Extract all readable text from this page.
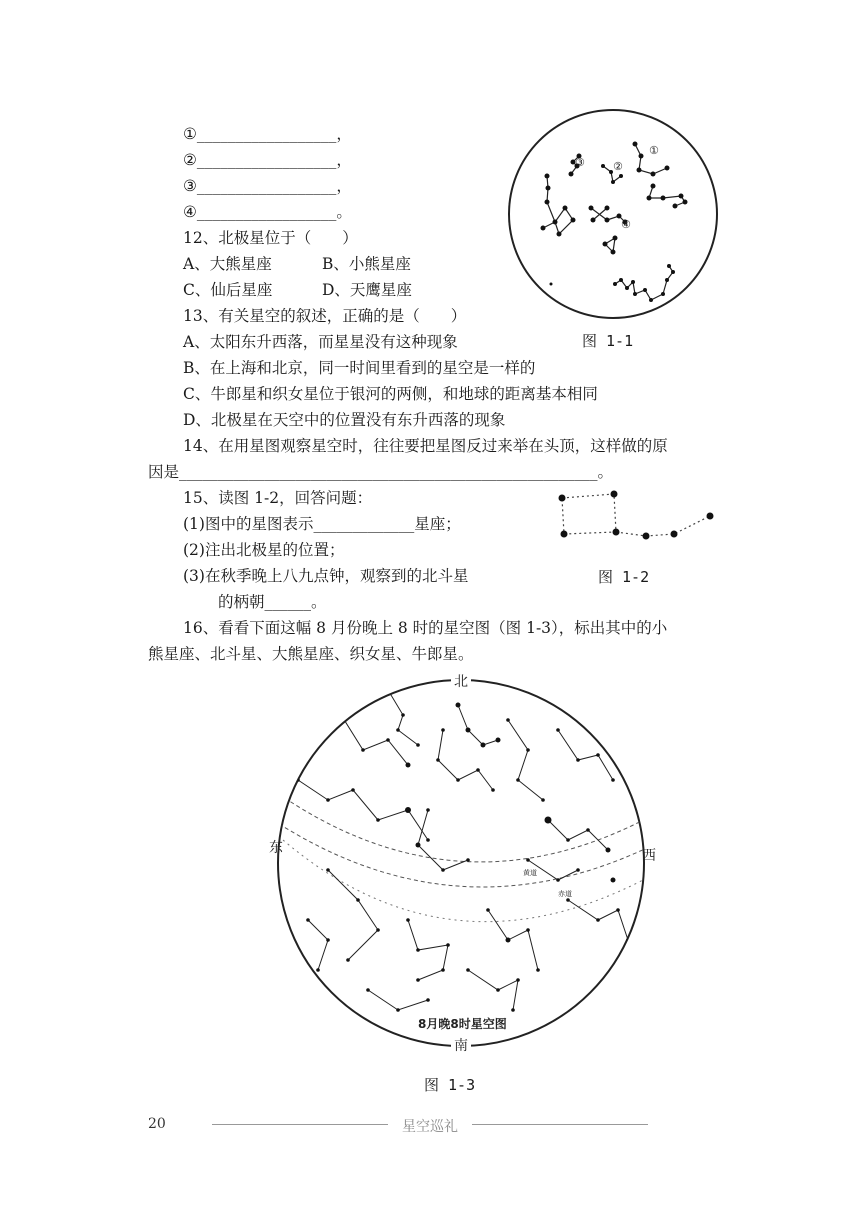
①__________________，
②__________________，
③__________________，
④__________________。
12、北极星位于（　　）
A、大熊星座	B、小熊星座
C、仙后星座	D、天鹰星座
13、有关星空的叙述，正确的是（　　）
A、太阳东升西落，而星星没有这种现象
B、在上海和北京，同一时间里看到的星空是一样的
C、牛郎星和织女星位于银河的两侧，和地球的距离基本相同
D、北极星在天空中的位置没有东升西落的现象
14、在用星图观察星空时，往往要把星图反过来举在头顶，这样做的原
因是______________________________________________________。
15、读图 1-2，回答问题：
(1)图中的星图表示_____________星座；
(2)注出北极星的位置；
(3)在秋季晚上八九点钟，观察到的北斗星
的柄朝______。
16、看看下面这幅 8 月份晚上 8 时的星空图（图 1-3），标出其中的小
熊星座、北斗星、大熊星座、织女星、牛郎星。
①
②
③
④
图 1-1
图 1-2
北
南
东	西
黄道
赤道
8月晚8时星空图
图 1-3
20	星空巡礼
